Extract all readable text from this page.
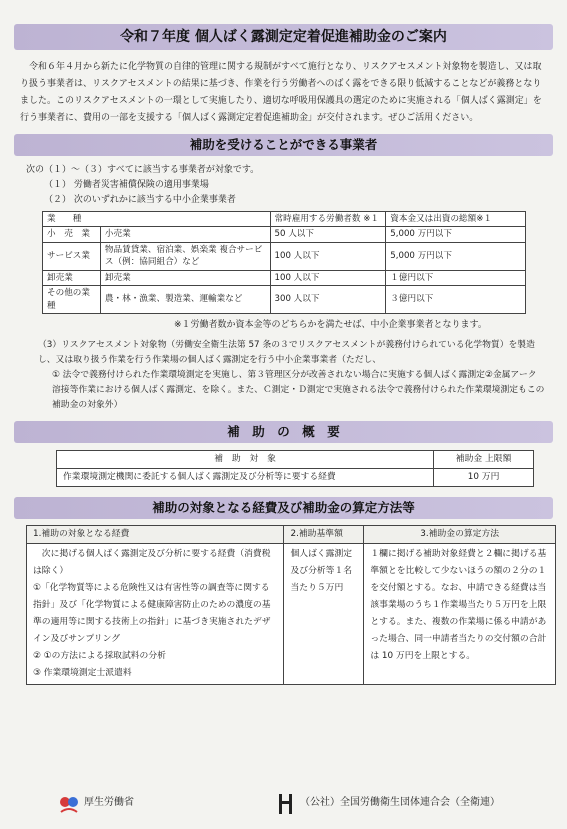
令和７年度 個人ばく露測定定着促進補助金のご案内

令和６年４月から新たに化学物質の自律的管理に関する規制がすべて施行となり、リスクアセスメント対象物を製造し、又は取り扱う事業者は、リスクアセスメントの結果に基づき、作業を行う労働者へのばく露をできる限り低減することなどが義務となりました。このリスクアセスメントの一環として実施したり、適切な呼吸用保護具の選定のために実施される「個人ばく露測定」を行う事業者に、費用の一部を支援する「個人ばく露測定定着促進補助金」が交付されます。ぜひご活用ください。

補助を受けることができる事業者
次の（１）～（３）すべてに該当する事業者が対象です。
（１） 労働者災害補償保険の適用事業場
（２） 次のいずれかに該当する中小企業事業者
業　　種		常時雇用する労働者数 ※１	資本金又は出資の総額※１
小　売　業	小売業	50 人以下	5,000 万円以下
サービス業	物品賃貸業、宿泊業、娯楽業 複合サービス（例：協同組合）など	100 人以下	5,000 万円以下
卸売業	卸売業	100 人以下	１億円以下
その他の業種	農・林・漁業、製造業、運輸業など	300 人以下	３億円以下
※１労働者数か資本金等のどちらかを満たせば、中小企業事業者となります。
（3）リスクアセスメント対象物（労働安全衛生法第 57 条の３でリスクアセスメントが義務付けられている化学物質）を製造し、又は取り扱う作業を行う作業場の個人ばく露測定を行う中小企業事業者（ただし、
① 法令で義務付けられた作業環境測定を実施し、第３管理区分が改善されない場合に実施する個人ばく露測定②金属アーク溶接等作業における個人ばく露測定、を除く。また、Ｃ測定・Ｄ測定で実施される法令で義務付けられた作業環境測定もこの補助金の対象外）
補　助　の　概　要
補　助　対　象	補助金 上限額
作業環境測定機関に委託する個人ばく露測定及び分析等に要する経費	10 万円
補助の対象となる経費及び補助金の算定方法等
1.補助の対象となる経費	2.補助基準額	3.補助金の算定方法

次に掲げる個人ばく露測定及び分析に要する経費（消費税は除く）
①「化学物質等による危険性又は有害性等の調査等に関する指針」及び「化学物質による健康障害防止のための濃度の基準の適用等に関する技術上の指針」に基づき実施されたデザイン及びサンプリング
② ①の方法による採取試料の分析
③ 作業環境測定士派遣料	個人ばく露測定及び分析等１名当たり５万円	１欄に掲げる補助対象経費と２欄に掲げる基準額とを比較して少ないほうの額の２分の１を交付額とする。なお、申請できる経費は当該事業場のうち１作業場当たり５万円を上限とする。また、複数の作業場に係る申請があった場合、同一申請者当たりの交付額の合計は 10 万円を上限とする。
厚生労働省	（公社）全国労働衛生団体連合会（全衛連）
